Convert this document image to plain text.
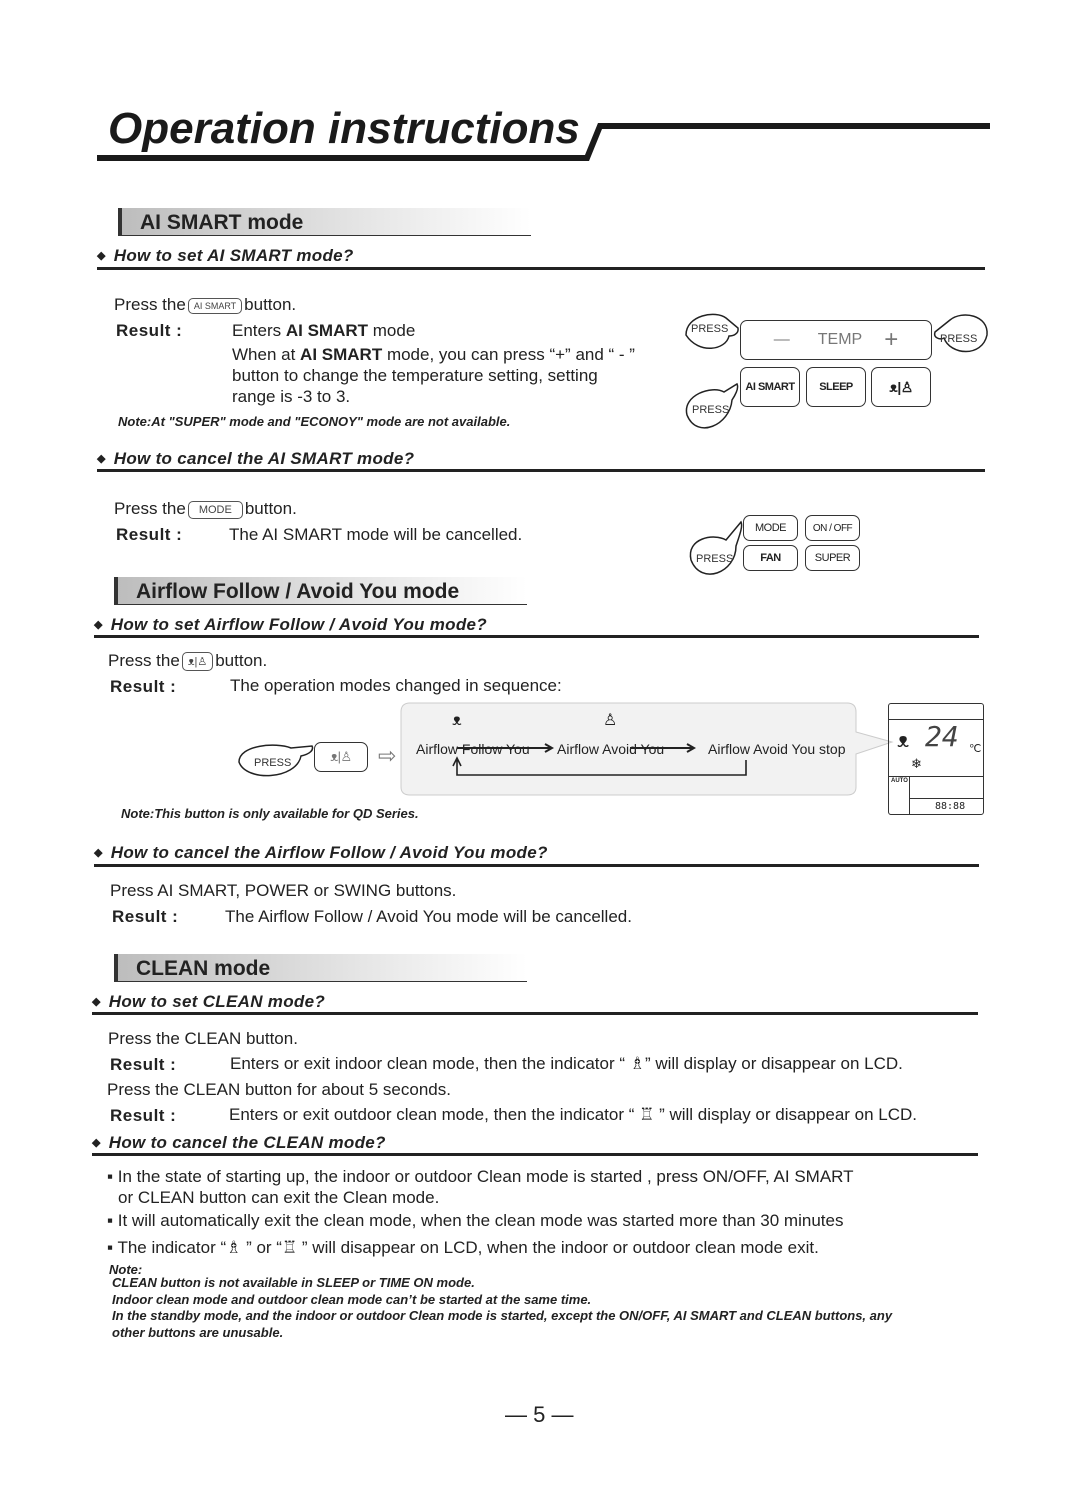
Operation instructions
AI SMART mode
◆ How to set AI SMART mode?
Press the AI SMART button.
Result :	Enters AI SMART mode
When at AI SMART mode, you can press “+” and “ - ”
button to change the temperature setting, setting
range is -3 to 3.
Note:At "SUPER" mode and "ECONOY" mode are not available.
— TEMP +
AI SMART	SLEEP	ᴥ|♙
PRESS
PRESS
PRESS
◆ How to cancel the AI SMART mode?
Press the MODE button.
Result :	The AI SMART mode will be cancelled.	MODE	ON / OFF
FAN	SUPER
PRESS
Airflow Follow / Avoid You mode
◆ How to set Airflow Follow / Avoid You mode?
Press the ᴥ|♙ button.
Result :	The operation modes changed in sequence:
PRESS	ᴥ|♙	⇨
ᴥ	♙
Airflow Follow You Airflow Avoid You	Airflow Avoid You stop	ᴥ 24 ℃
❄
AUTO
88:88
Note:This button is only available for QD Series.
◆ How to cancel the Airflow Follow / Avoid You mode?
Press AI SMART, POWER or SWING buttons.
Result :	The Airflow Follow / Avoid You mode will be cancelled.
CLEAN mode
◆ How to set CLEAN mode?
Press the CLEAN button.
Result :	Enters or exit indoor clean mode, then the indicator “ ♗” will display or disappear on LCD.
Press the CLEAN button for about 5 seconds.
Result :	Enters or exit outdoor clean mode, then the indicator “ ♖ ” will display or disappear on LCD.
◆ How to cancel the CLEAN mode?
▪ In the state of starting up, the indoor or outdoor Clean mode is started , press ON/OFF, AI SMART
or CLEAN button can exit the Clean mode.
▪ It will automatically exit the clean mode, when the clean mode was started more than 30 minutes
▪ The indicator “♗ ” or “♖ ” will disappear on LCD, when the indoor or outdoor clean mode exit.
Note:
CLEAN button is not available in SLEEP or TIME ON mode.
Indoor clean mode and outdoor clean mode can’t be started at the same time.
In the standby mode, and the indoor or outdoor Clean mode is started, except the ON/OFF, AI SMART and CLEAN buttons, any
other buttons are unusable.
— 5 —
